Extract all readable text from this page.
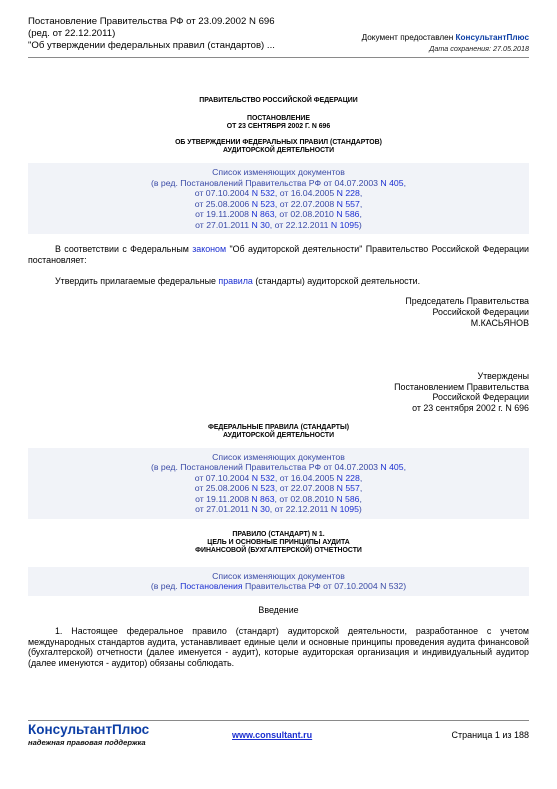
Постановление Правительства РФ от 23.09.2002 N 696
(ред. от 22.12.2011)
"Об утверждении федеральных правил (стандартов) ...
Документ предоставлен КонсультантПлюс
Дата сохранения: 27.05.2018
ПРАВИТЕЛЬСТВО РОССИЙСКОЙ ФЕДЕРАЦИИ
ПОСТАНОВЛЕНИЕ
ОТ 23 СЕНТЯБРЯ 2002 Г. N 696
ОБ УТВЕРЖДЕНИИ ФЕДЕРАЛЬНЫХ ПРАВИЛ (СТАНДАРТОВ)
АУДИТОРСКОЙ ДЕЯТЕЛЬНОСТИ
Список изменяющих документов
(в ред. Постановлений Правительства РФ от 04.07.2003 N 405,
от 07.10.2004 N 532, от 16.04.2005 N 228,
от 25.08.2006 N 523, от 22.07.2008 N 557,
от 19.11.2008 N 863, от 02.08.2010 N 586,
от 27.01.2011 N 30, от 22.12.2011 N 1095)
В соответствии с Федеральным законом "Об аудиторской деятельности" Правительство Российской Федерации постановляет:
Утвердить прилагаемые федеральные правила (стандарты) аудиторской деятельности.
Председатель Правительства
Российской Федерации
М.КАСЬЯНОВ
Утверждены
Постановлением Правительства
Российской Федерации
от 23 сентября 2002 г. N 696
ФЕДЕРАЛЬНЫЕ ПРАВИЛА (СТАНДАРТЫ)
АУДИТОРСКОЙ ДЕЯТЕЛЬНОСТИ
Список изменяющих документов
(в ред. Постановлений Правительства РФ от 04.07.2003 N 405,
от 07.10.2004 N 532, от 16.04.2005 N 228,
от 25.08.2006 N 523, от 22.07.2008 N 557,
от 19.11.2008 N 863, от 02.08.2010 N 586,
от 27.01.2011 N 30, от 22.12.2011 N 1095)
ПРАВИЛО (СТАНДАРТ) N 1.
ЦЕЛЬ И ОСНОВНЫЕ ПРИНЦИПЫ АУДИТА
ФИНАНСОВОЙ (БУХГАЛТЕРСКОЙ) ОТЧЕТНОСТИ
Список изменяющих документов
(в ред. Постановления Правительства РФ от 07.10.2004 N 532)
Введение
1. Настоящее федеральное правило (стандарт) аудиторской деятельности, разработанное с учетом международных стандартов аудита, устанавливает единые цели и основные принципы проведения аудита финансовой (бухгалтерской) отчетности (далее именуется - аудит), которые аудиторская организация и индивидуальный аудитор (далее именуются - аудитор) обязаны соблюдать.
КонсультантПлюс
надежная правовая поддержка
www.consultant.ru	Страница 1 из 188
